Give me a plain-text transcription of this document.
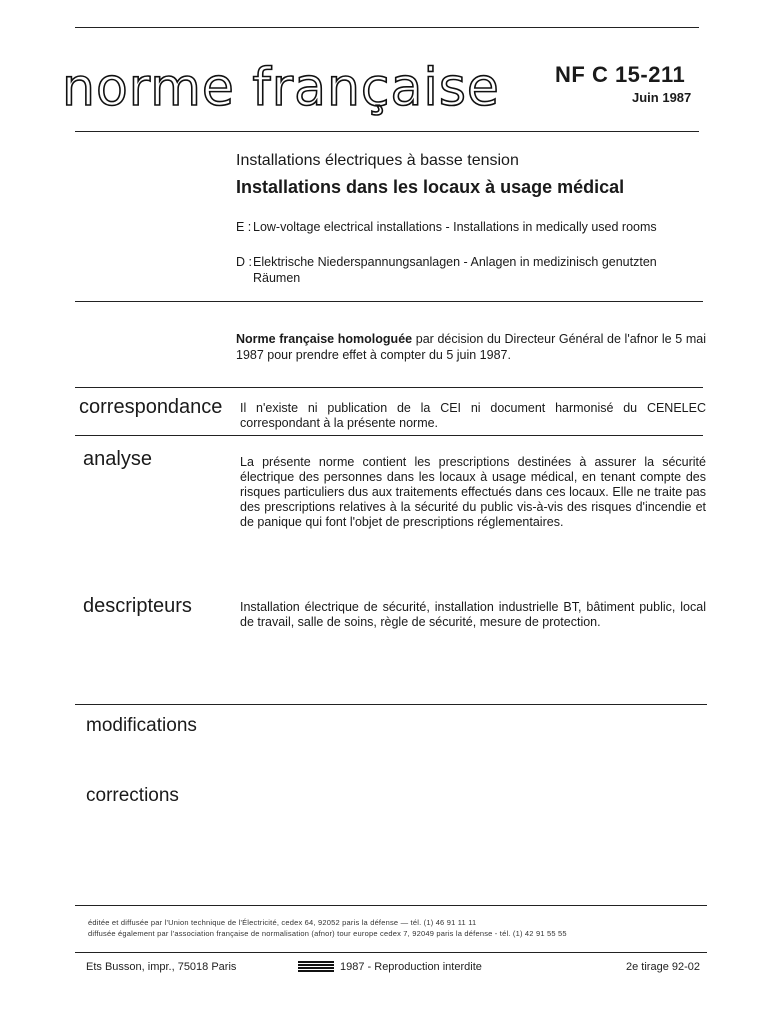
norme française	NF C 15-211
Juin 1987
Installations électriques à basse tension
Installations dans les locaux à usage médical
E : Low-voltage electrical installations - Installations in medically used rooms
D : Elektrische Niederspannungsanlagen - Anlagen in medizinisch genutzten Räumen
Norme française homologuée par décision du Directeur Général de l'afnor le 5 mai 1987 pour prendre effet à compter du 5 juin 1987.
correspondance Il n'existe ni publication de la CEI ni document harmonisé du CENELEC correspondant à la présente norme.
analyse	La présente norme contient les prescriptions destinées à assurer la sécurité électrique des personnes dans les locaux à usage médical, en tenant compte des risques particuliers dus aux traitements effectués dans ces locaux. Elle ne traite pas des prescriptions relatives à la sécurité du public vis-à-vis des risques d'incendie et de panique qui font l'objet de prescriptions réglementaires.
descripteurs	Installation électrique de sécurité, installation industrielle BT, bâtiment public, local de travail, salle de soins, règle de sécurité, mesure de protection.
modifications
corrections
éditée et diffusée par l'Union technique de l'Électricité, cedex 64, 92052 paris la défense — tél. (1) 46 91 11 11
diffusée également par l'association française de normalisation (afnor) tour europe cedex 7, 92049 paris la défense - tél. (1) 42 91 55 55
Ets Busson, impr., 75018 Paris	1987 - Reproduction interdite	2e tirage 92-02
